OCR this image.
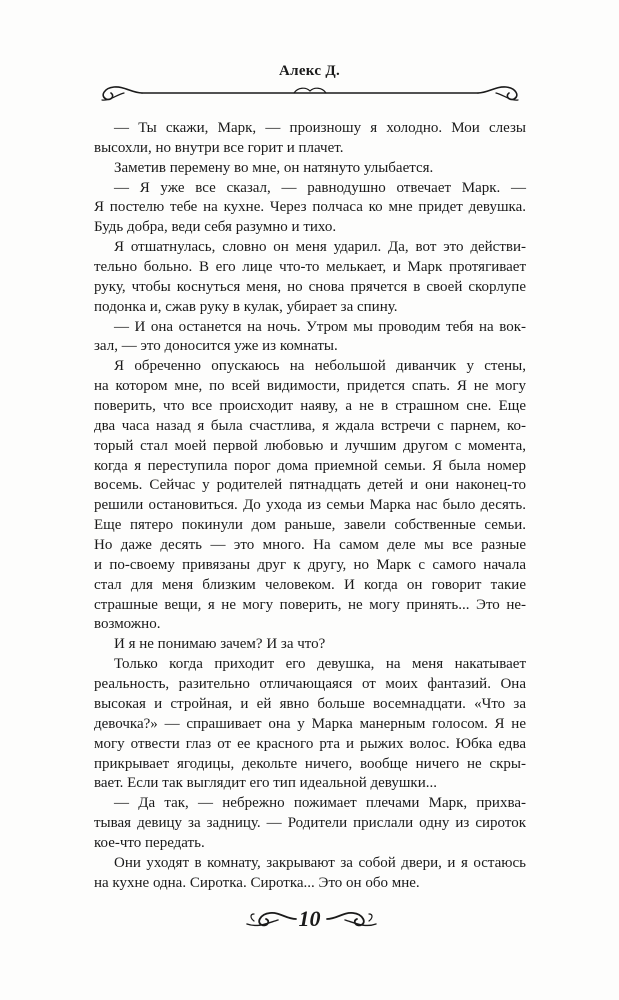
Алекс Д.
— Ты скажи, Марк, — произношу я холодно. Мои слезы
высохли, но внутри все горит и плачет.
Заметив перемену во мне, он натянуто улыбается.
— Я уже все сказал, — равнодушно отвечает Марк. —
Я постелю тебе на кухне. Через полчаса ко мне придет девушка.
Будь добра, веди себя разумно и тихо.
Я отшатнулась, словно он меня ударил. Да, вот это действи-
тельно больно. В его лице что-то мелькает, и Марк протягивает
руку, чтобы коснуться меня, но снова прячется в своей скорлупе
подонка и, сжав руку в кулак, убирает за спину.
— И она останется на ночь. Утром мы проводим тебя на вок-
зал, — это доносится уже из комнаты.
Я обреченно опускаюсь на небольшой диванчик у стены,
на котором мне, по всей видимости, придется спать. Я не могу
поверить, что все происходит наяву, а не в страшном сне. Еще
два часа назад я была счастлива, я ждала встречи с парнем, ко-
торый стал моей первой любовью и лучшим другом с момента,
когда я переступила порог дома приемной семьи. Я была номер
восемь. Сейчас у родителей пятнадцать детей и они наконец-то
решили остановиться. До ухода из семьи Марка нас было десять.
Еще пятеро покинули дом раньше, завели собственные семьи.
Но даже десять — это много. На самом деле мы все разные
и по-своему привязаны друг к другу, но Марк с самого начала
стал для меня близким человеком. И когда он говорит такие
страшные вещи, я не могу поверить, не могу принять... Это не-
возможно.
И я не понимаю зачем? И за что?
Только когда приходит его девушка, на меня накатывает
реальность, разительно отличающаяся от моих фантазий. Она
высокая и стройная, и ей явно больше восемнадцати. «Что за
девочка?» — спрашивает она у Марка манерным голосом. Я не
могу отвести глаз от ее красного рта и рыжих волос. Юбка едва
прикрывает ягодицы, декольте ничего, вообще ничего не скры-
вает. Если так выглядит его тип идеальной девушки...
— Да так, — небрежно пожимает плечами Марк, прихва-
тывая девицу за задницу. — Родители прислали одну из сироток
кое-что передать.
Они уходят в комнату, закрывают за собой двери, и я остаюсь
на кухне одна. Сиротка. Сиротка... Это он обо мне.
10
